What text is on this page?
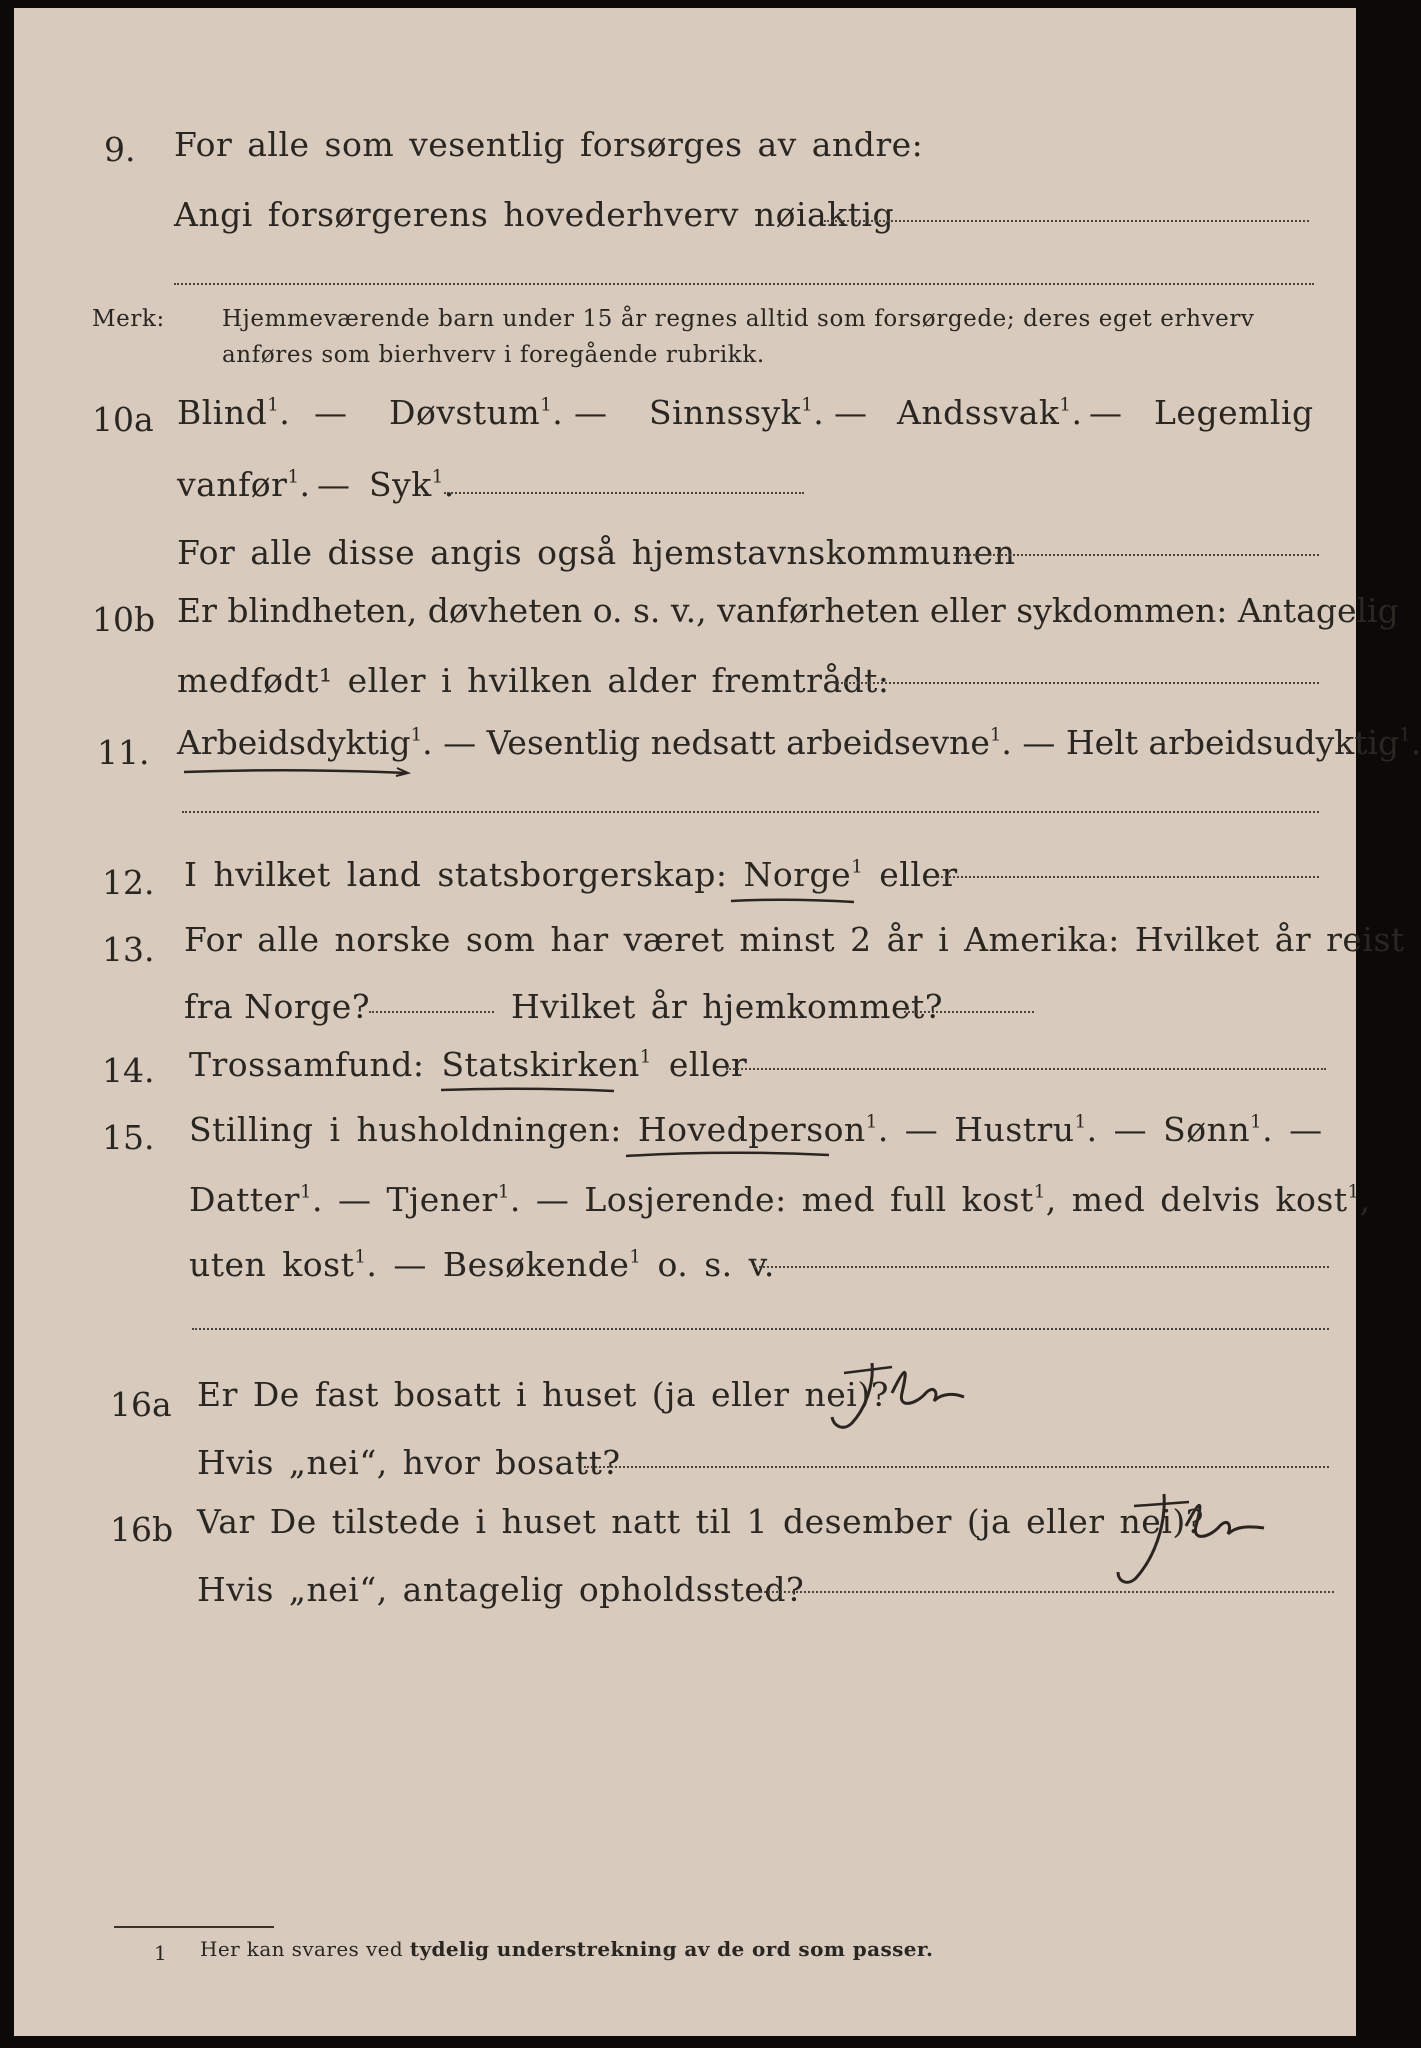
9. For alle som vesentlig forsørges av andre:
Angi forsørgerens hovederhverv nøiaktig
Merk: Hjemmeværende barn under 15 år regnes alltid som forsørgede; deres eget erhverv
anføres som bierhverv i foregående rubrikk.
10a Blind$^1$. — Døvstum$^1$. — Sinnssyk$^1$. — Andssvak$^1$. — Legemlig
vanfør$^1$. — Syk$^1$.
For alle disse angis også hjemstavnskommunen
10b Er blindheten, døvheten o. s. v., vanførheten eller sykdommen: Antagelig
medfødt¹ eller i hvilken alder fremtrådt:
11. Arbeidsdyktig$^1$. — Vesentlig nedsatt arbeidsevne$^1$. — Helt arbeidsudyktig$^1$.
12. I hvilket land statsborgerskap: Norge$^1$ eller
13. For alle norske som har været minst 2 år i Amerika: Hvilket år reist
fra Norge?	Hvilket år hjemkommet?
14. Trossamfund: Statskirken$^1$ eller
15. Stilling i husholdningen: Hovedperson$^1$. — Hustru$^1$. — Sønn$^1$. —
Datter$^1$. — Tjener$^1$. — Losjerende: med full kost$^1$, med delvis kost$^1$,
uten kost$^1$. — Besøkende$^1$ o. s. v.
16a Er De fast bosatt i huset (ja eller nei)?
Hvis „nei“, hvor bosatt?
16b Var De tilstede i huset natt til 1 desember (ja eller nei)?
Hvis „nei“, antagelig opholdssted?
1 Her kan svares ved tydelig understrekning av de ord som passer.
